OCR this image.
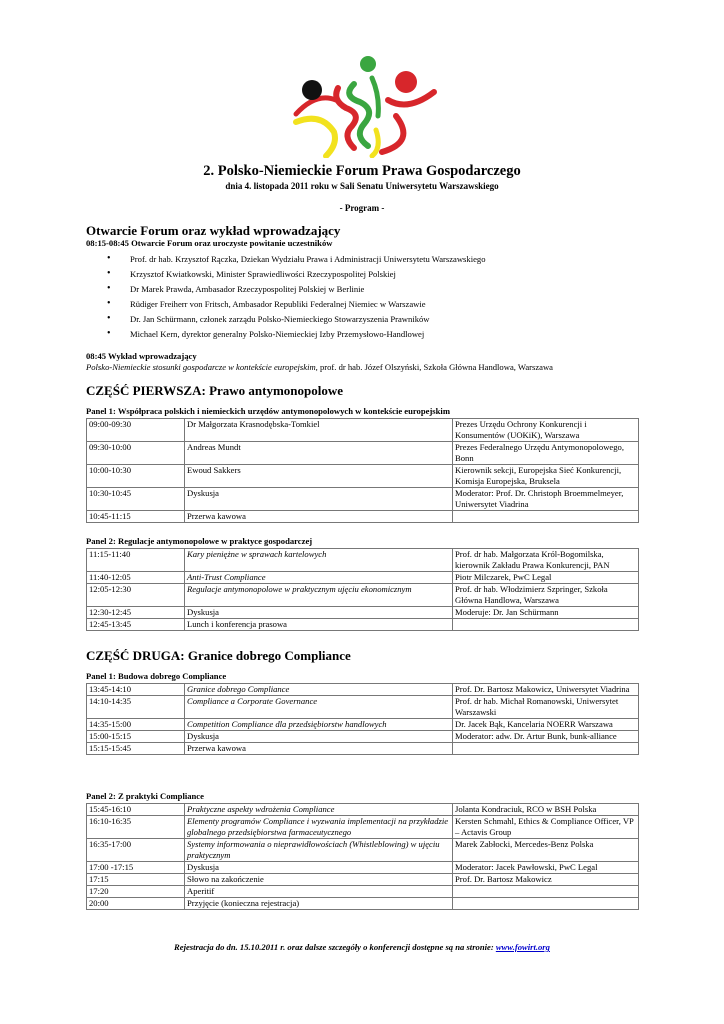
2. Polsko-Niemieckie Forum Prawa Gospodarczego
dnia 4. listopada 2011 roku w Sali Senatu Uniwersytetu Warszawskiego
- Program -
Otwarcie Forum oraz wykład wprowadzający
08:15-08:45 Otwarcie Forum oraz uroczyste powitanie uczestników
• Prof. dr hab. Krzysztof Rączka, Dziekan Wydziału Prawa i Administracji Uniwersytetu Warszawskiego
• Krzysztof Kwiatkowski, Minister Sprawiedliwości Rzeczypospolitej Polskiej
• Dr Marek Prawda, Ambasador Rzeczypospolitej Polskiej w Berlinie
• Rüdiger Freiherr von Fritsch, Ambasador Republiki Federalnej Niemiec w Warszawie
• Dr. Jan Schürmann, członek zarządu Polsko-Niemieckiego Stowarzyszenia Prawników
• Michael Kern, dyrektor generalny Polsko-Niemieckiej Izby Przemysłowo-Handlowej
08:45 Wykład wprowadzający
Polsko-Niemieckie stosunki gospodarcze w kontekście europejskim, prof. dr hab. Józef Olszyński, Szkoła Główna Handlowa, Warszawa
CZĘŚĆ PIERWSZA: Prawo antymonopolowe
Panel 1: Współpraca polskich i niemieckich urzędów antymonopolowych w kontekście europejskim
09:00-09:30	Dr Małgorzata Krasnodębska-Tomkiel	Prezes Urzędu Ochrony Konkurencji i Konsumentów (UOKiK), Warszawa
09:30-10:00	Andreas Mundt	Prezes Federalnego Urzędu Antymonopolowego, Bonn
10:00-10:30	Ewoud Sakkers	Kierownik sekcji, Europejska Sieć Konkurencji, Komisja Europejska, Bruksela
10:30-10:45	Dyskusja	Moderator: Prof. Dr. Christoph Broemmelmeyer, Uniwersytet Viadrina
10:45-11:15	Przerwa kawowa	
Panel 2: Regulacje antymonopolowe w praktyce gospodarczej
11:15-11:40	Kary pieniężne w sprawach kartelowych	Prof. dr hab. Małgorzata Król-Bogomilska, kierownik Zakładu Prawa Konkurencji, PAN
11:40-12:05	Anti-Trust Compliance	Piotr Milczarek, PwC Legal
12:05-12:30	Regulacje antymonopolowe w praktycznym ujęciu ekonomicznym	Prof. dr hab. Włodzimierz Szpringer, Szkoła Główna Handlowa, Warszawa
12:30-12:45	Dyskusja	Moderuje: Dr. Jan Schürmann
12:45-13:45	Lunch i konferencja prasowa	
CZĘŚĆ DRUGA: Granice dobrego Compliance
Panel 1: Budowa dobrego Compliance
13:45-14:10	Granice dobrego Compliance	Prof. Dr. Bartosz Makowicz, Uniwersytet Viadrina
14:10-14:35	Compliance a Corporate Governance	Prof. dr hab. Michał Romanowski, Uniwersytet Warszawski
14:35-15:00	Competition Compliance dla przedsiębiorstw handlowych	Dr. Jacek Bąk, Kancelaria NOERR Warszawa
15:00-15:15	Dyskusja	Moderator: adw. Dr. Artur Bunk, bunk-alliance
15:15-15:45	Przerwa kawowa	
Panel 2: Z praktyki Compliance
15:45-16:10	Praktyczne aspekty wdrożenia Compliance	Jolanta Kondraciuk, RCO w BSH Polska
16:10-16:35	Elementy programów Compliance i wyzwania implementacji na przykładzie globalnego przedsiębiorstwa farmaceutycznego	Kersten Schmahl, Ethics & Compliance Officer, VP – Actavis Group
16:35-17:00	Systemy informowania o nieprawidłowościach (Whistleblowing) w ujęciu praktycznym	Marek Zabłocki, Mercedes-Benz Polska
17:00 -17:15	Dyskusja	Moderator: Jacek Pawłowski, PwC Legal
17:15	Słowo na zakończenie	Prof. Dr. Bartosz Makowicz
17:20	Aperitif	
20:00	Przyjęcie (konieczna rejestracja)	
Rejestracja do dn. 15.10.2011 r. oraz dalsze szczegóły o konferencji dostępne są na stronie: www.fowirt.org
